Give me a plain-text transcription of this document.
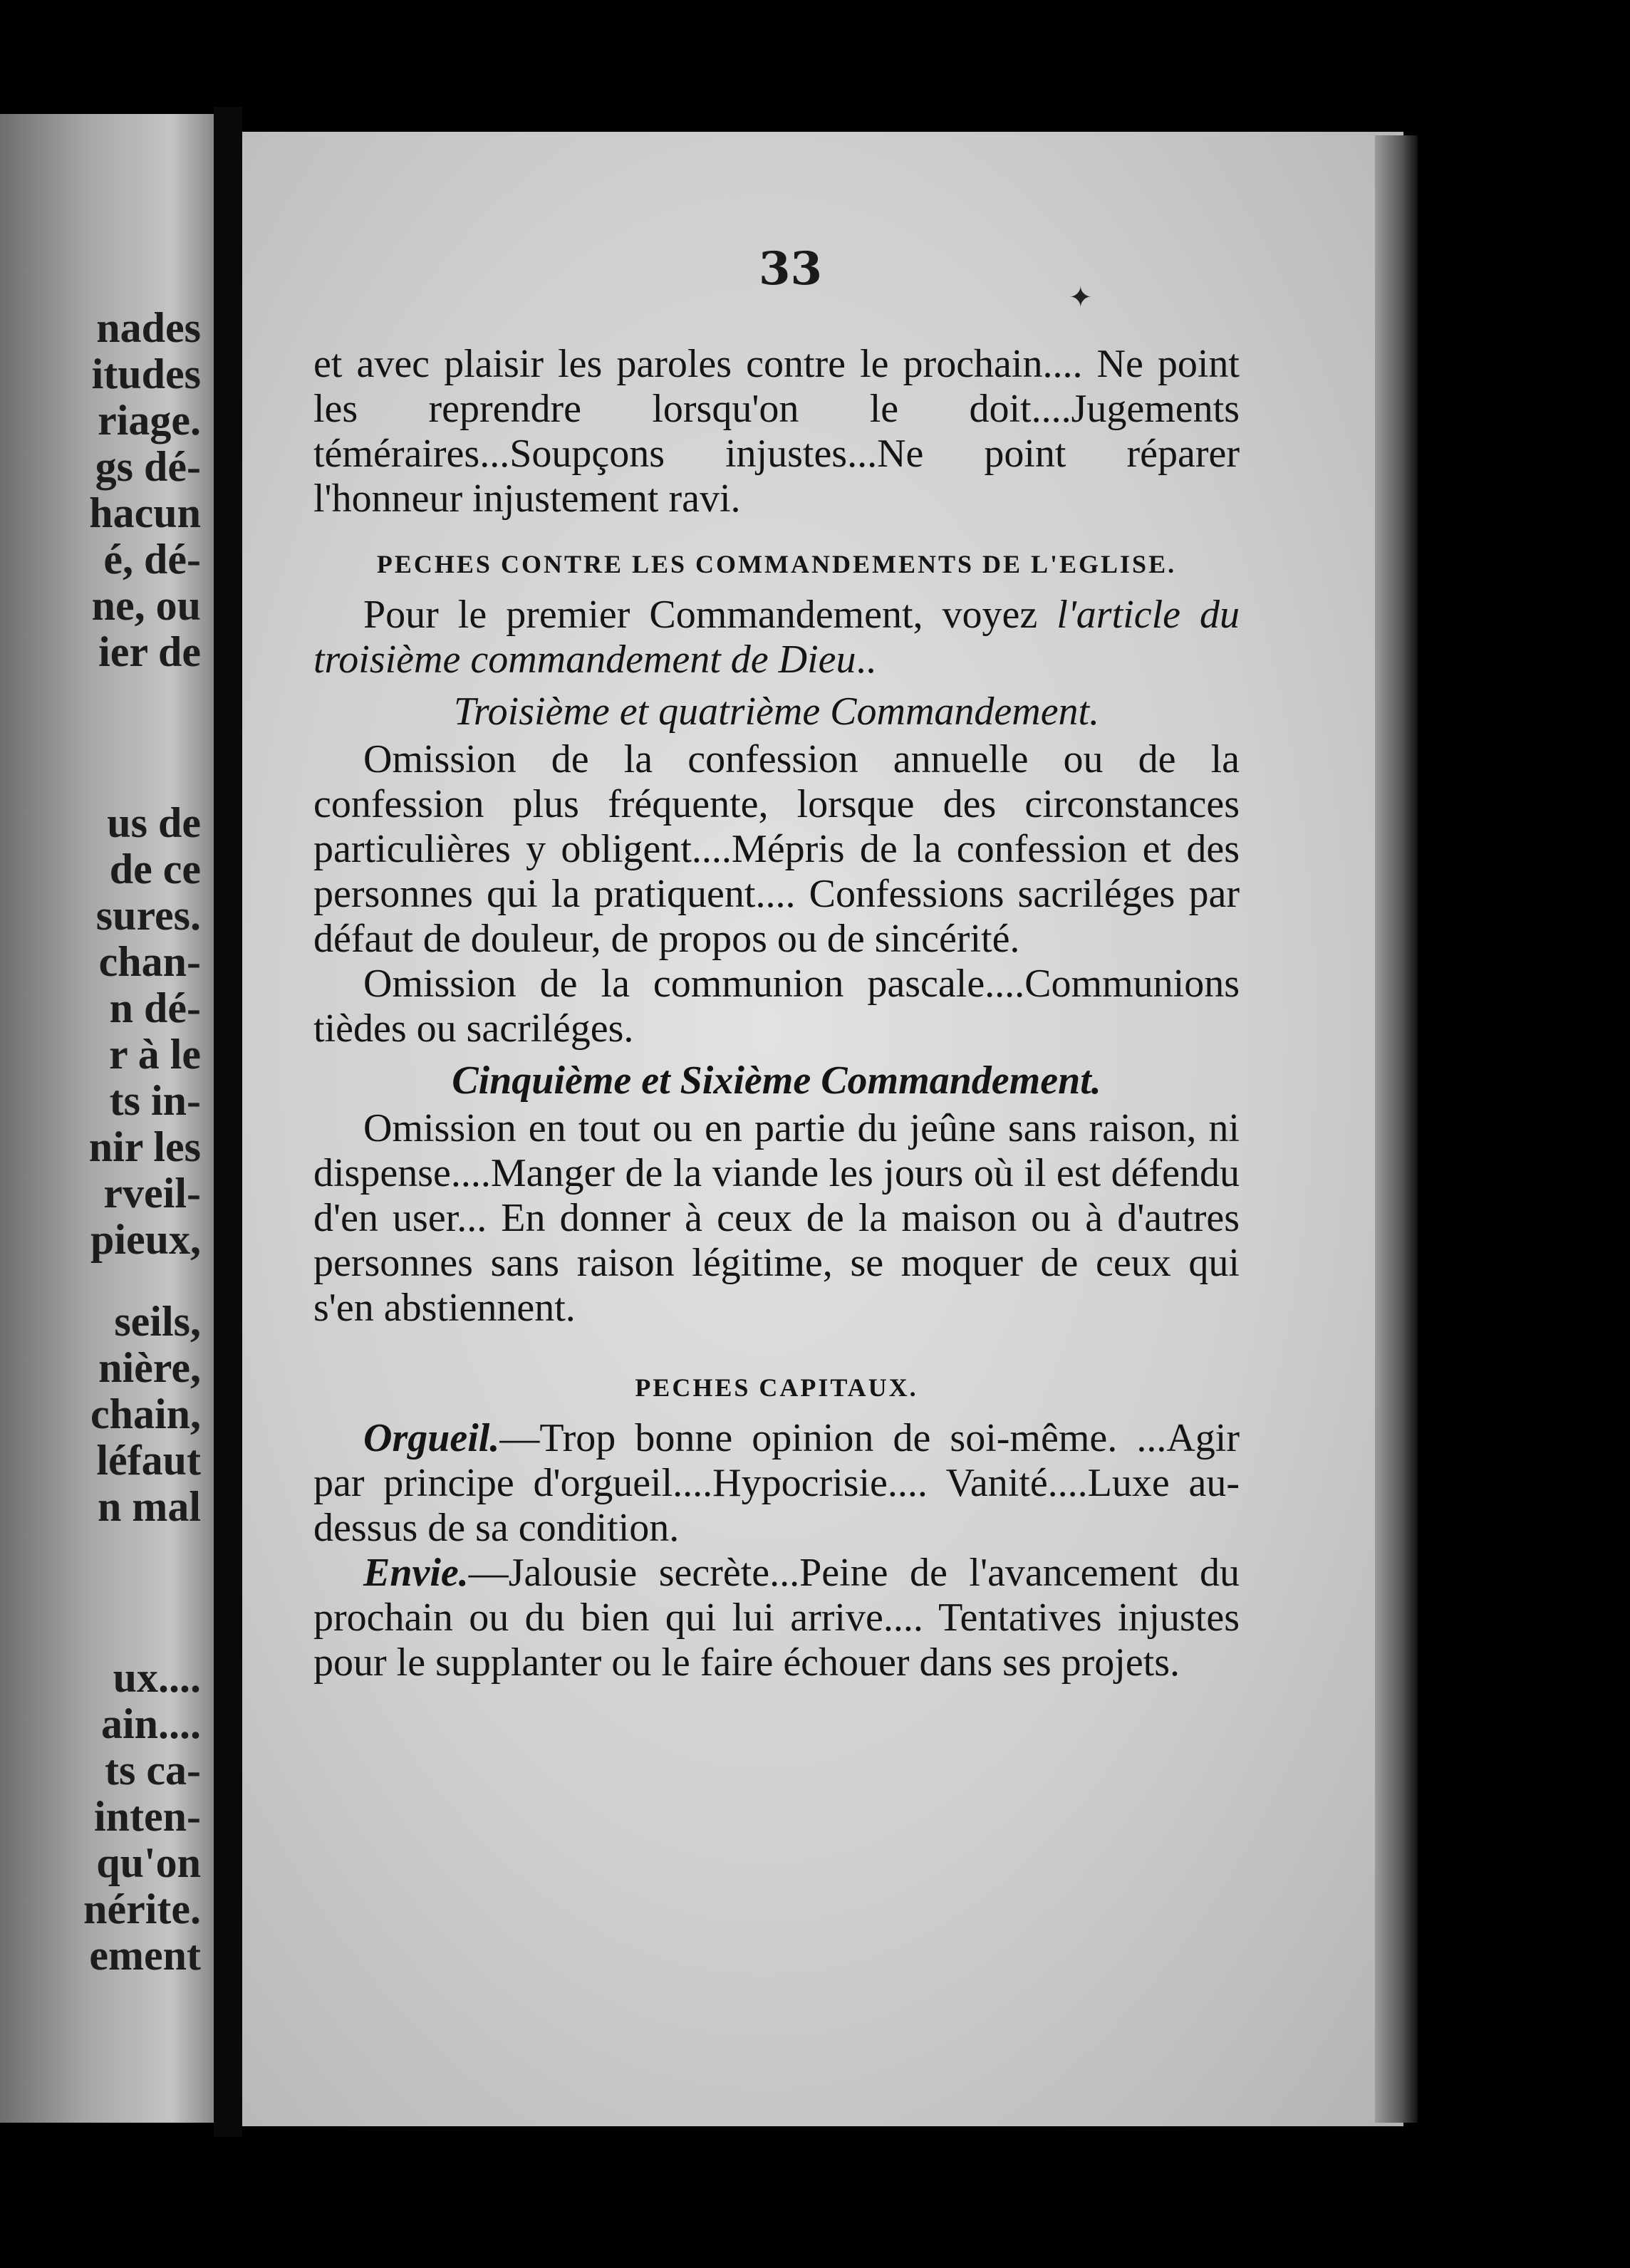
nades
itudes
riage.
gs dé-
hacun
é, dé-
ne, ou
ier de
us de
de ce
sures.
chan-
n dé-
r à le
ts in-
nir les
rveil-
pieux,
seils,
nière,
chain,
léfaut
n mal
ux....
ain....
ts ca-
inten-
qu'on
nérite.
ement
33
✦

et avec plaisir les paroles contre le prochain.... Ne point les reprendre lorsqu'on le doit....Jugements téméraires...Soupçons injustes...Ne point réparer l'honneur injustement ravi.

PECHES CONTRE LES COMMANDEMENTS DE L'EGLISE.

Pour le premier Commandement, voyez l'article du troisième commandement de Dieu..

Troisième et quatrième Commandement.

Omission de la confession annuelle ou de la confession plus fréquente, lorsque des circonstances particulières y obligent....Mépris de la confession et des personnes qui la pratiquent.... Confessions sacriléges par défaut de douleur, de propos ou de sincérité.

Omission de la communion pascale....Communions tièdes ou sacriléges.

Cinquième et Sixième Commandement.

Omission en tout ou en partie du jeûne sans raison, ni dispense....Manger de la viande les jours où il est défendu d'en user... En donner à ceux de la maison ou à d'autres personnes sans raison légitime, se moquer de ceux qui s'en abstiennent.

PECHES CAPITAUX.

Orgueil.—Trop bonne opinion de soi-même. ...Agir par principe d'orgueil....Hypocrisie.... Vanité....Luxe au-dessus de sa condition.

Envie.—Jalousie secrète...Peine de l'avancement du prochain ou du bien qui lui arrive.... Tentatives injustes pour le supplanter ou le faire échouer dans ses projets.
